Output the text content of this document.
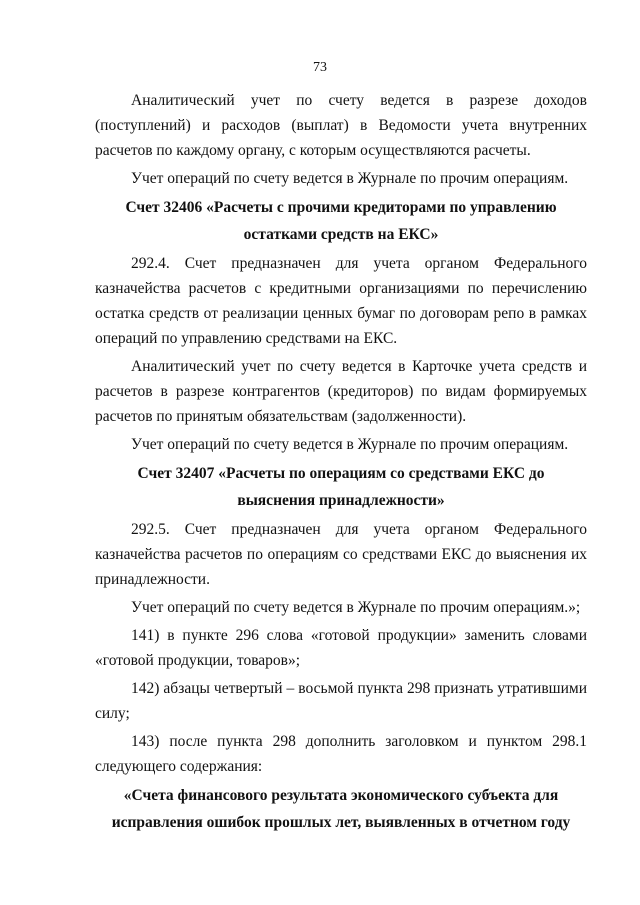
73

Аналитический учет по счету ведется в разрезе доходов (поступлений) и расходов (выплат) в Ведомости учета внутренних расчетов по каждому органу, с которым осуществляются расчеты.

Учет операций по счету ведется в Журнале по прочим операциям.

Счет 32406 «Расчеты с прочими кредиторами по управлению
остатками средств на ЕКС»

292.4. Счет предназначен для учета органом Федерального казначейства расчетов с кредитными организациями по перечислению остатка средств от реализации ценных бумаг по договорам репо в рамках операций по управлению средствами на ЕКС.

Аналитический учет по счету ведется в Карточке учета средств и расчетов в разрезе контрагентов (кредиторов) по видам формируемых расчетов по принятым обязательствам (задолженности).

Учет операций по счету ведется в Журнале по прочим операциям.

Счет 32407 «Расчеты по операциям со средствами ЕКС до
выяснения принадлежности»

292.5. Счет предназначен для учета органом Федерального казначейства расчетов по операциям со средствами ЕКС до выяснения их принадлежности.

Учет операций по счету ведется в Журнале по прочим операциям.»;

141) в пункте 296 слова «готовой продукции» заменить словами «готовой продукции, товаров»;

142) абзацы четвертый – восьмой пункта 298 признать утратившими силу;

143) после пункта 298 дополнить заголовком и пунктом 298.1 следующего содержания:

«Счета финансового результата экономического субъекта для
исправления ошибок прошлых лет, выявленных в отчетном году
